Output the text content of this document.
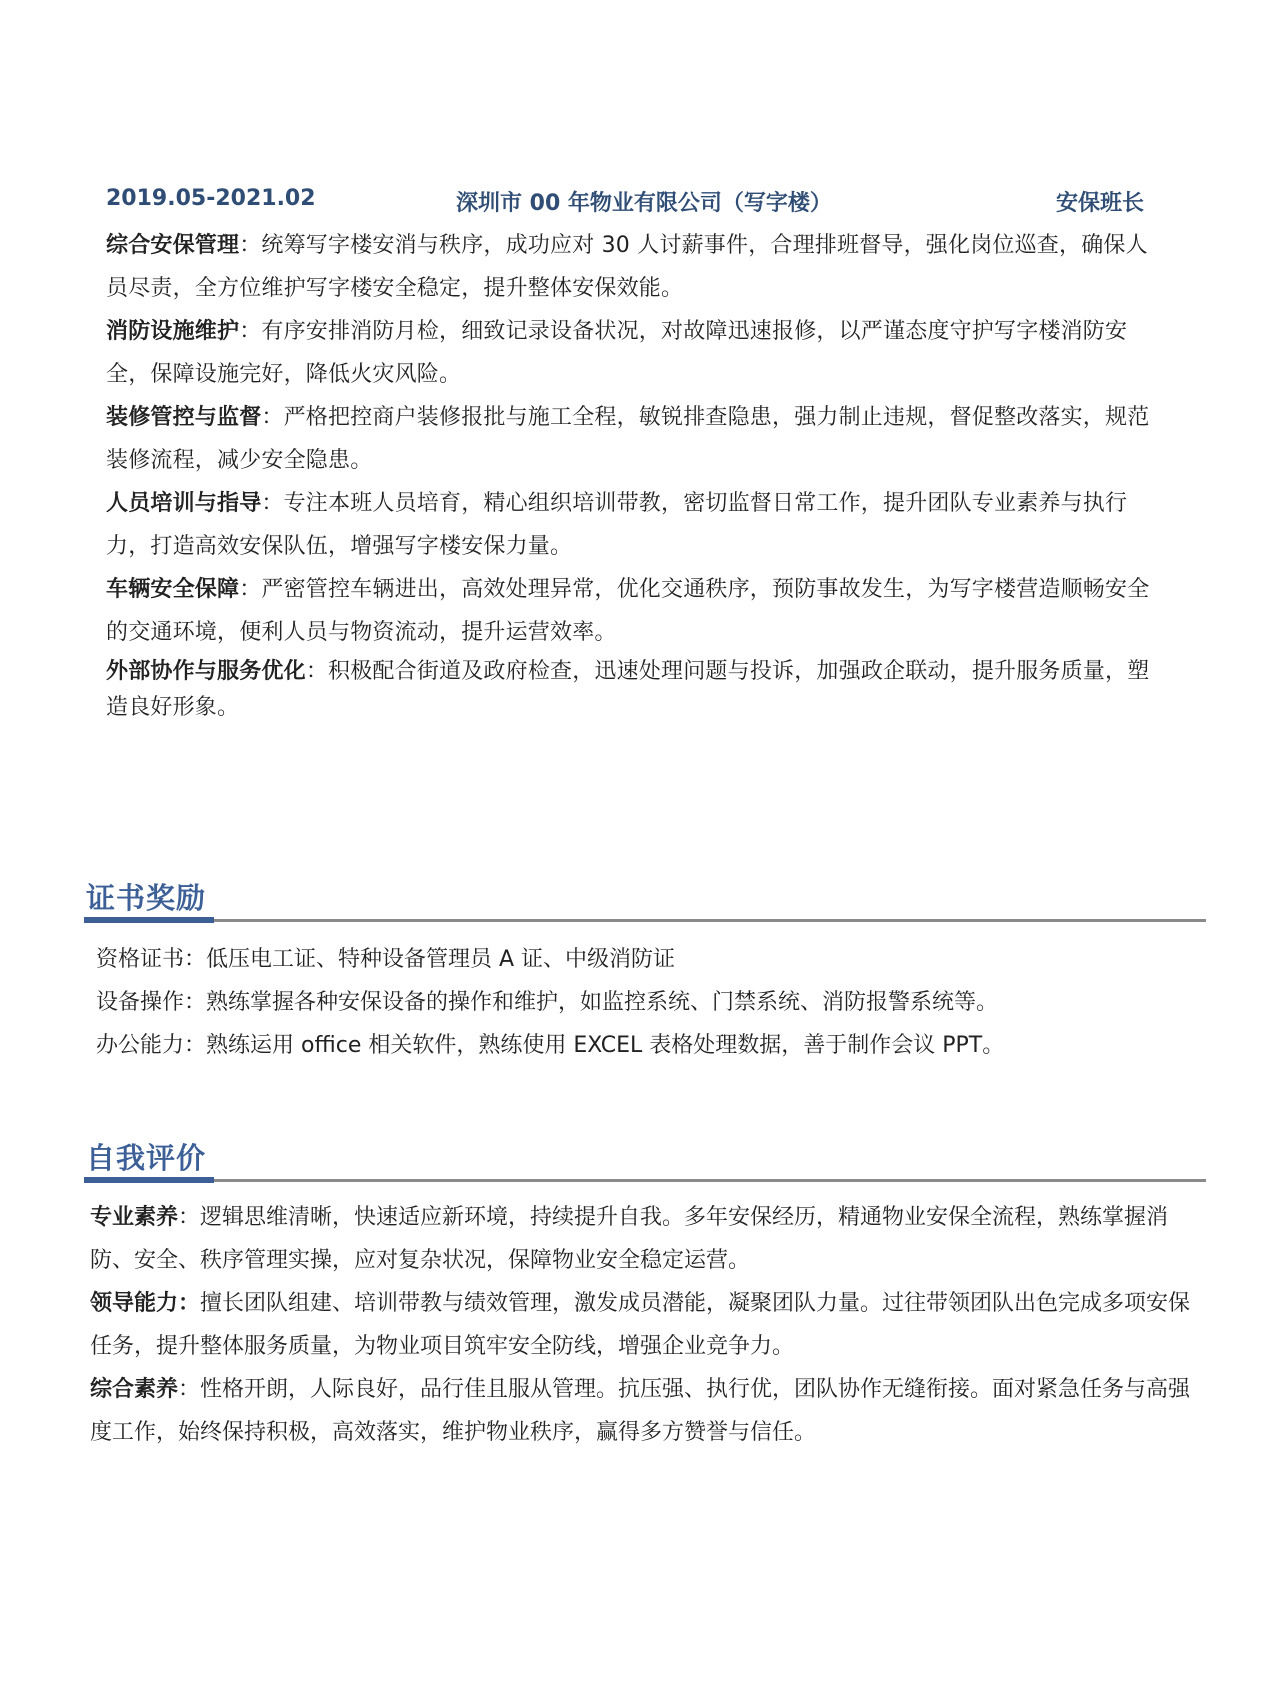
2019.05-2021.02	深圳市 00 年物业有限公司（写字楼）	安保班长

综合安保管理：统筹写字楼安消与秩序，成功应对 30 人讨薪事件，合理排班督导，强化岗位巡查，确保人员尽责，全方位维护写字楼安全稳定，提升整体安保效能。

消防设施维护：有序安排消防月检，细致记录设备状况，对故障迅速报修，以严谨态度守护写字楼消防安全，保障设施完好，降低火灾风险。

装修管控与监督：严格把控商户装修报批与施工全程，敏锐排查隐患，强力制止违规，督促整改落实，规范装修流程，减少安全隐患。

人员培训与指导：专注本班人员培育，精心组织培训带教，密切监督日常工作，提升团队专业素养与执行力，打造高效安保队伍，增强写字楼安保力量。

车辆安全保障：严密管控车辆进出，高效处理异常，优化交通秩序，预防事故发生，为写字楼营造顺畅安全的交通环境，便利人员与物资流动，提升运营效率。

外部协作与服务优化：积极配合街道及政府检查，迅速处理问题与投诉，加强政企联动，提升服务质量，塑造良好形象。

证书奖励

资格证书：低压电工证、特种设备管理员 A 证、中级消防证

设备操作：熟练掌握各种安保设备的操作和维护，如监控系统、门禁系统、消防报警系统等。

办公能力：熟练运用 office 相关软件，熟练使用 EXCEL 表格处理数据，善于制作会议 PPT。

自我评价

专业素养：逻辑思维清晰，快速适应新环境，持续提升自我。多年安保经历，精通物业安保全流程，熟练掌握消防、安全、秩序管理实操，应对复杂状况，保障物业安全稳定运营。

领导能力：擅长团队组建、培训带教与绩效管理，激发成员潜能，凝聚团队力量。过往带领团队出色完成多项安保任务，提升整体服务质量，为物业项目筑牢安全防线，增强企业竞争力。

综合素养：性格开朗，人际良好，品行佳且服从管理。抗压强、执行优，团队协作无缝衔接。面对紧急任务与高强度工作，始终保持积极，高效落实，维护物业秩序，赢得多方赞誉与信任。
